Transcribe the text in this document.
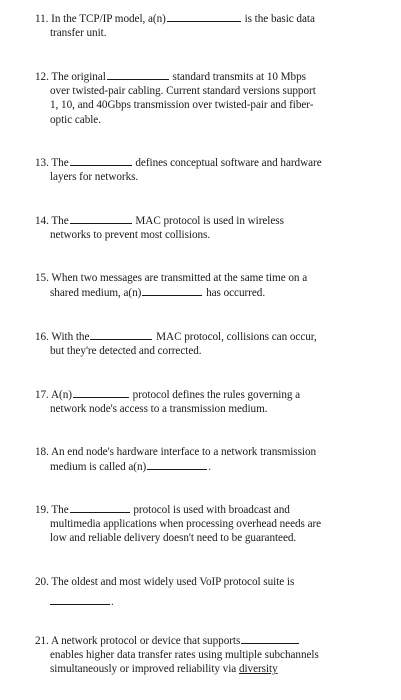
11. In the TCP/IP model, a(n)	is the basic data
transfer unit.
12. The original	standard transmits at 10 Mbps
over twisted-pair cabling. Current standard versions support
1, 10, and 40Gbps transmission over twisted-pair and fiber-
optic cable.
13. The	defines conceptual software and hardware
layers for networks.
14. The	MAC protocol is used in wireless
networks to prevent most collisions.
15. When two messages are transmitted at the same time on a
shared medium, a(n)	has occurred.
16. With the	MAC protocol, collisions can occur,
but they're detected and corrected.
17. A(n)	protocol defines the rules governing a
network node's access to a transmission medium.
18. An end node's hardware interface to a network transmission
medium is called a(n)	.
19. The	protocol is used with broadcast and
multimedia applications when processing overhead needs are
low and reliable delivery doesn't need to be guaranteed.
20. The oldest and most widely used VoIP protocol suite is
.
21. A network protocol or device that supports
enables higher data transfer rates using multiple subchannels
simultaneously or improved reliability via diversity
